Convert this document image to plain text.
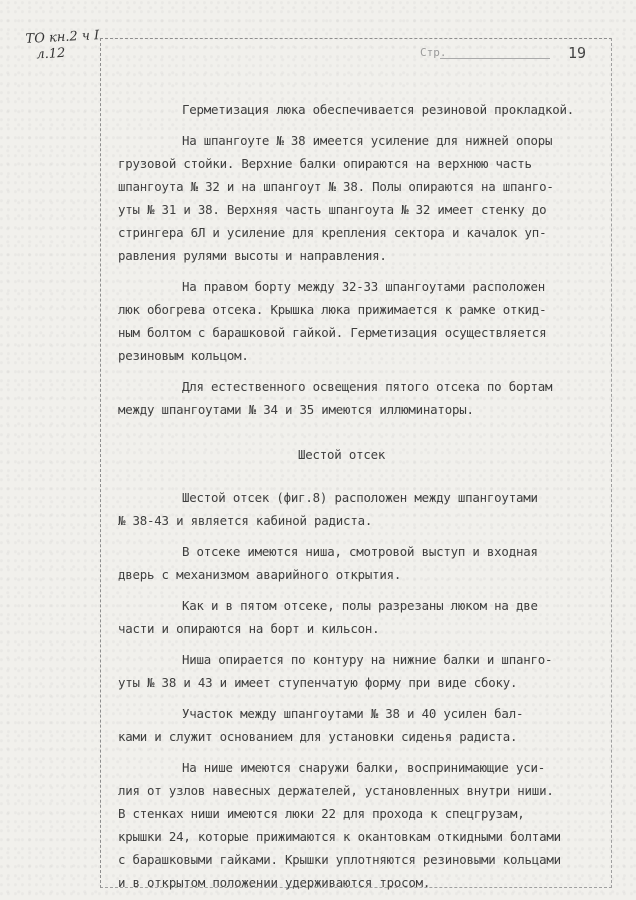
ТО кн.2 ч I
л.12	Стр.	19

Герметизация люка обеспечивается резиновой прокладкой.

На шпангоуте № 38 имеется усиление для нижней опоры
грузовой стойки. Верхние балки опираются на верхнюю часть
шпангоута № 32 и на шпангоут № 38. Полы опираются на шпанго-
уты № 31 и 38. Верхняя часть шпангоута № 32 имеет стенку до
стрингера 6Л и усиление для крепления сектора и качалок уп-
равления рулями высоты и направления.

На правом борту между 32-33 шпангоутами расположен
люк обогрева отсека. Крышка люка прижимается к рамке откид-
ным болтом с барашковой гайкой. Герметизация осуществляется
резиновым кольцом.

Для естественного освещения пятого отсека по бортам
между шпангоутами № 34 и 35 имеются иллюминаторы.

Шестой отсек

Шестой отсек (фиг.8) расположен между шпангоутами
№ 38-43 и является кабиной радиста.

В отсеке имеются ниша, смотровой выступ и входная
дверь с механизмом аварийного открытия.

Как и в пятом отсеке, полы разрезаны люком на две
части и опираются на борт и кильсон.

Ниша опирается по контуру на нижние балки и шпанго-
уты № 38 и 43 и имеет ступенчатую форму при виде сбоку.

Участок между шпангоутами № 38 и 40 усилен бал-
ками и служит основанием для установки сиденья радиста.

На нише имеются снаружи балки, воспринимающие уси-
лия от узлов навесных держателей, установленных внутри ниши.
В стенках ниши имеются люки 22 для прохода к спецгрузам,
крышки 24, которые прижимаются к окантовкам откидными болтами
с барашковыми гайками. Крышки уплотняются резиновыми кольцами
и в открытом положении удерживаются тросом.
